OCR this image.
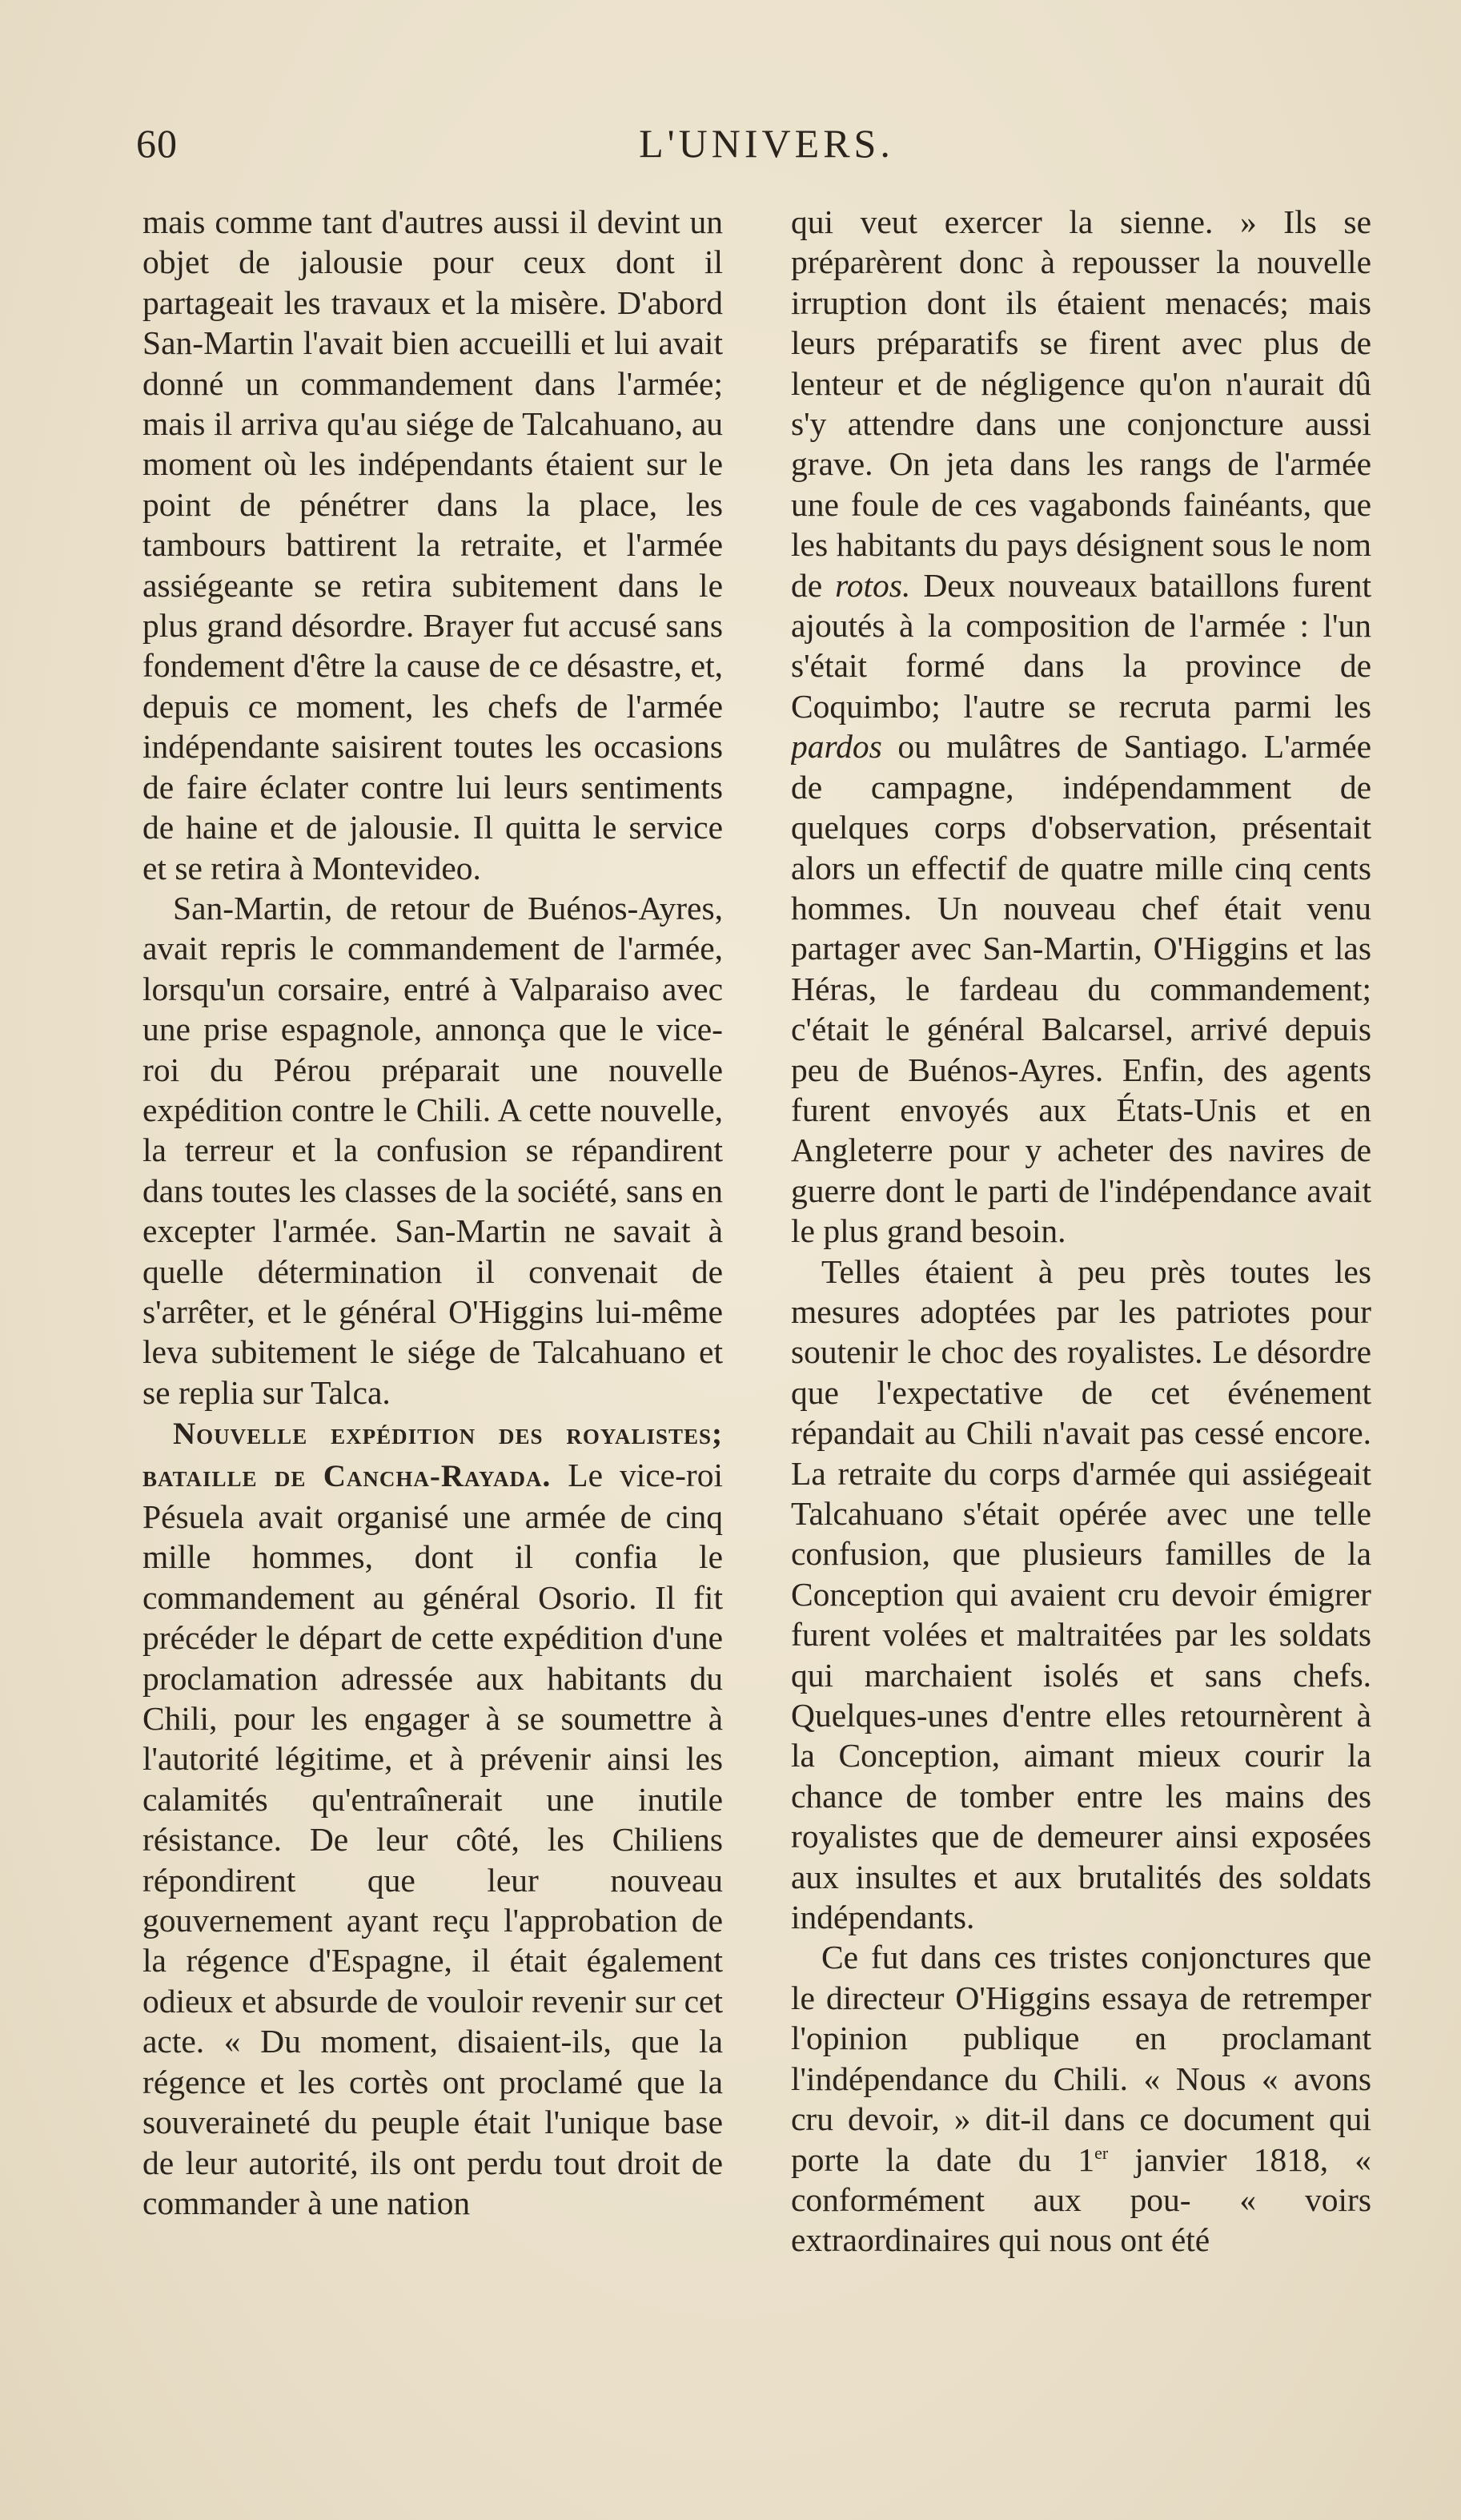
60	L'UNIVERS.

mais comme tant d'autres aussi il devint un objet de jalousie pour ceux dont il partageait les travaux et la misère. D'abord San-Martin l'avait bien accueilli et lui avait donné un commandement dans l'armée; mais il arriva qu'au siége de Talcahuano, au moment où les indépendants étaient sur le point de pénétrer dans la place, les tambours battirent la retraite, et l'armée assiégeante se retira subitement dans le plus grand désordre. Brayer fut accusé sans fondement d'être la cause de ce désastre, et, depuis ce moment, les chefs de l'armée indépendante saisirent toutes les occasions de faire éclater contre lui leurs sentiments de haine et de jalousie. Il quitta le service et se retira à Montevideo.

San-Martin, de retour de Buénos-Ayres, avait repris le commandement de l'armée, lorsqu'un corsaire, entré à Valparaiso avec une prise espagnole, annonça que le vice-roi du Pérou préparait une nouvelle expédition contre le Chili. A cette nouvelle, la terreur et la confusion se répandirent dans toutes les classes de la société, sans en excepter l'armée. San-Martin ne savait à quelle détermination il convenait de s'arrêter, et le général O'Higgins lui-même leva subitement le siége de Talcahuano et se replia sur Talca.

Nouvelle expédition des royalistes; bataille de Cancha-Rayada. Le vice-roi Pésuela avait organisé une armée de cinq mille hommes, dont il confia le commandement au général Osorio. Il fit précéder le départ de cette expédition d'une proclamation adressée aux habitants du Chili, pour les engager à se soumettre à l'autorité légitime, et à prévenir ainsi les calamités qu'entraînerait une inutile résistance. De leur côté, les Chiliens répondirent que leur nouveau gouvernement ayant reçu l'approbation de la régence d'Espagne, il était également odieux et absurde de vouloir revenir sur cet acte. « Du moment, disaient-ils, que la régence et les cortès ont proclamé que la souveraineté du peuple était l'unique base de leur autorité, ils ont perdu tout droit de commander à une nation

qui veut exercer la sienne. » Ils se préparèrent donc à repousser la nouvelle irruption dont ils étaient menacés; mais leurs préparatifs se firent avec plus de lenteur et de négligence qu'on n'aurait dû s'y attendre dans une conjoncture aussi grave. On jeta dans les rangs de l'armée une foule de ces vagabonds fainéants, que les habitants du pays désignent sous le nom de rotos. Deux nouveaux bataillons furent ajoutés à la composition de l'armée : l'un s'était formé dans la province de Coquimbo; l'autre se recruta parmi les pardos ou mulâtres de Santiago. L'armée de campagne, indépendamment de quelques corps d'observation, présentait alors un effectif de quatre mille cinq cents hommes. Un nouveau chef était venu partager avec San-Martin, O'Higgins et las Héras, le fardeau du commandement; c'était le général Balcarsel, arrivé depuis peu de Buénos-Ayres. Enfin, des agents furent envoyés aux États-Unis et en Angleterre pour y acheter des navires de guerre dont le parti de l'indépendance avait le plus grand besoin.

Telles étaient à peu près toutes les mesures adoptées par les patriotes pour soutenir le choc des royalistes. Le désordre que l'expectative de cet événement répandait au Chili n'avait pas cessé encore. La retraite du corps d'armée qui assiégeait Talcahuano s'était opérée avec une telle confusion, que plusieurs familles de la Conception qui avaient cru devoir émigrer furent volées et maltraitées par les soldats qui marchaient isolés et sans chefs. Quelques-unes d'entre elles retournèrent à la Conception, aimant mieux courir la chance de tomber entre les mains des royalistes que de demeurer ainsi exposées aux insultes et aux brutalités des soldats indépendants.

Ce fut dans ces tristes conjonctures que le directeur O'Higgins essaya de retremper l'opinion publique en proclamant l'indépendance du Chili. « Nous « avons cru devoir, » dit-il dans ce document qui porte la date du 1er janvier 1818, « conformément aux pou- « voirs extraordinaires qui nous ont été
